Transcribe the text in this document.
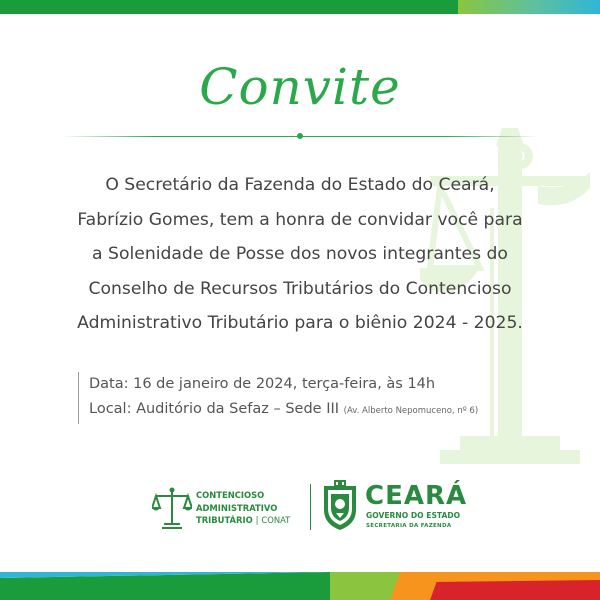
Convite
O Secretário da Fazenda do Estado do Ceará,
Fabrízio Gomes, tem a honra de convidar você para
a Solenidade de Posse dos novos integrantes do
Conselho de Recursos Tributários do Contencioso
Administrativo Tributário para o biênio 2024 - 2025.
Data: 16 de janeiro de 2024, terça-feira, às 14h
Local: Auditório da Sefaz – Sede III (Av. Alberto Nepomuceno, nº 6)
CONTENCIOSO
ADMINISTRATIVO
TRIBUTÁRIO | CONAT
CEARÁ
GOVERNO DO ESTADO
SECRETARIA DA FAZENDA
